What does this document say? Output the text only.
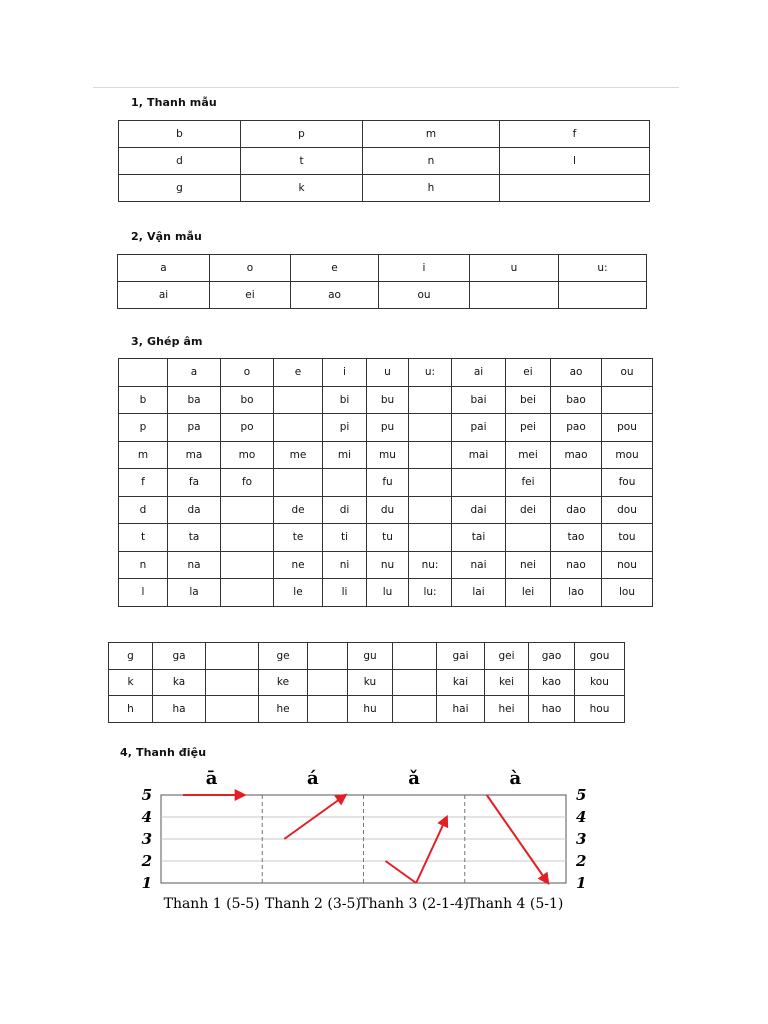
1, Thanh mẫu
b	p	m	f
d	t	n	l
g	k	h	
2, Vận mẫu
a	o	e	i	u	u:
ai	ei	ao	ou		
3, Ghép âm
	a	o	e	i	u	u:	ai	ei	ao	ou
b	ba	bo		bi	bu		bai	bei	bao	
p	pa	po		pi	pu		pai	pei	pao	pou
m	ma	mo	me	mi	mu		mai	mei	mao	mou
f	fa	fo			fu			fei		fou
d	da		de	di	du		dai	dei	dao	dou
t	ta		te	ti	tu		tai		tao	tou
n	na		ne	ni	nu	nu:	nai	nei	nao	nou
l	la		le	li	lu	lu:	lai	lei	lao	lou
g	ga		ge		gu		gai	gei	gao	gou
k	ka		ke		ku		kai	kei	kao	kou
h	ha		he		hu		hai	hei	hao	hou
4, Thanh điệu
5	5
4	4
3	3
2	2
1	1
ā	á	ǎ	à
Thanh 1 (5-5) Thanh 2 (3-5)
Thanh 3 (2-1-4)
Thanh 4 (5-1)
